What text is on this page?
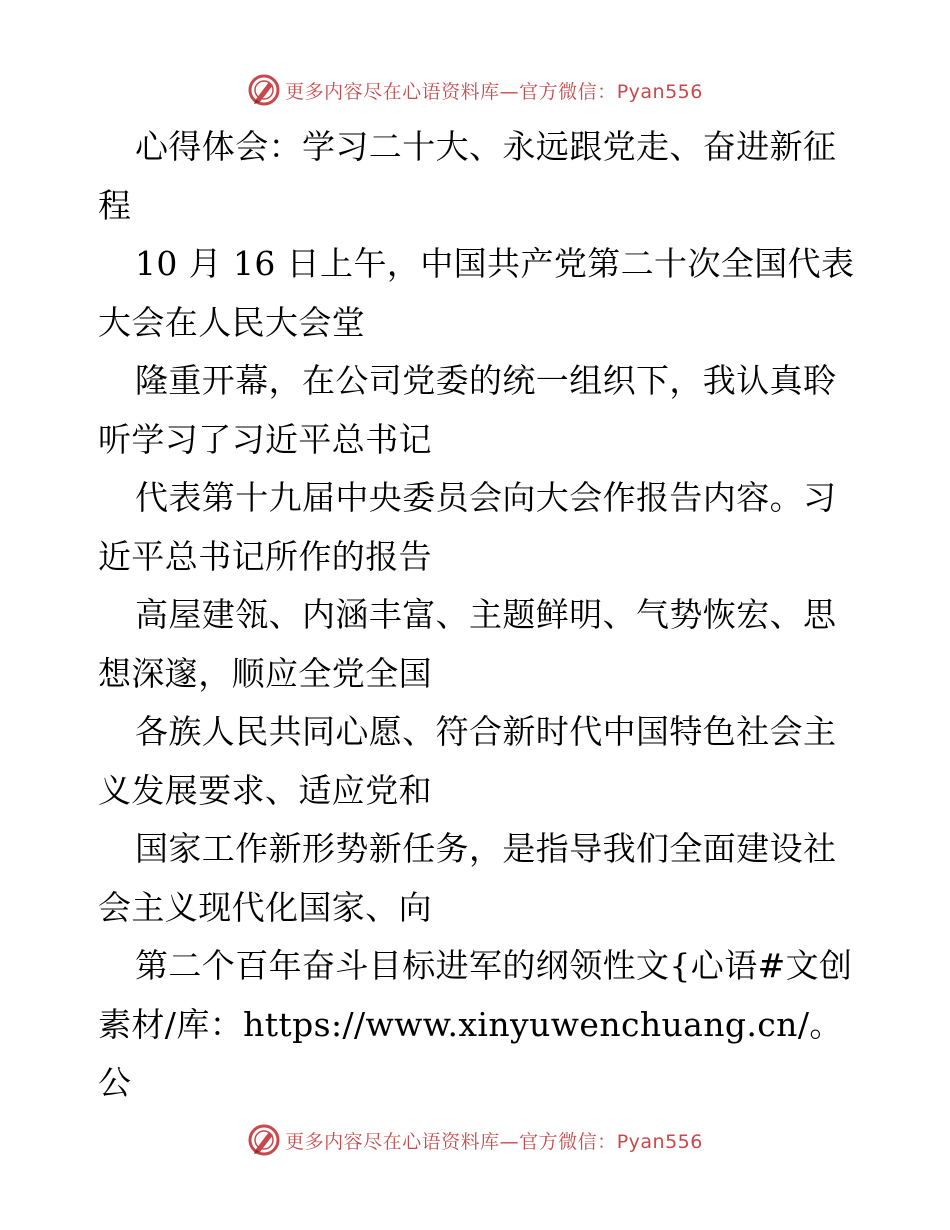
更多内容尽在心语资料库—官方微信：Pyan556

心得体会：学习二十大、永远跟党走、奋进新征程

10 月 16 日上午，中国共产党第二十次全国代表大会在人民大会堂

隆重开幕，在公司党委的统一组织下，我认真聆听学习了习近平总书记

代表第十九届中央委员会向大会作报告内容。习近平总书记所作的报告

高屋建瓴、内涵丰富、主题鲜明、气势恢宏、思想深邃，顺应全党全国

各族人民共同心愿、符合新时代中国特色社会主义发展要求、适应党和

国家工作新形势新任务，是指导我们全面建设社会主义现代化国家、向

第二个百年奋斗目标进军的纲领性文{心语#文创素材/库：https://www.xinyuwenchuang.cn/。公

更多内容尽在心语资料库—官方微信：Pyan556
